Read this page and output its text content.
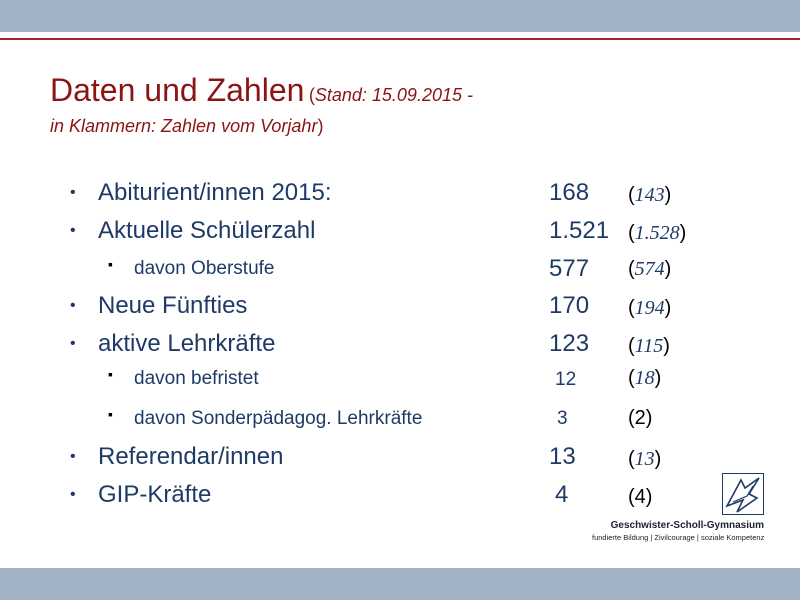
Daten und Zahlen (Stand: 15.09.2015 -
in Klammern: Zahlen vom Vorjahr)
• Abiturient/innen 2015:	168 (143)
• Aktuelle Schülerzahl	1.521 (1.528)
▪ davon Oberstufe	577 (574)
• Neue Fünfties	170 (194)
• aktive Lehrkräfte	123 (115)
▪ davon befristet	12	(18)
▪ davon Sonderpädagog. Lehrkräfte	3	(2)
• Referendar/innen	13	(13)
• GIP-Kräfte	4	(4)
Geschwister-Scholl-Gymnasium
fundierte Bildung | Zivilcourage | soziale Kompetenz
